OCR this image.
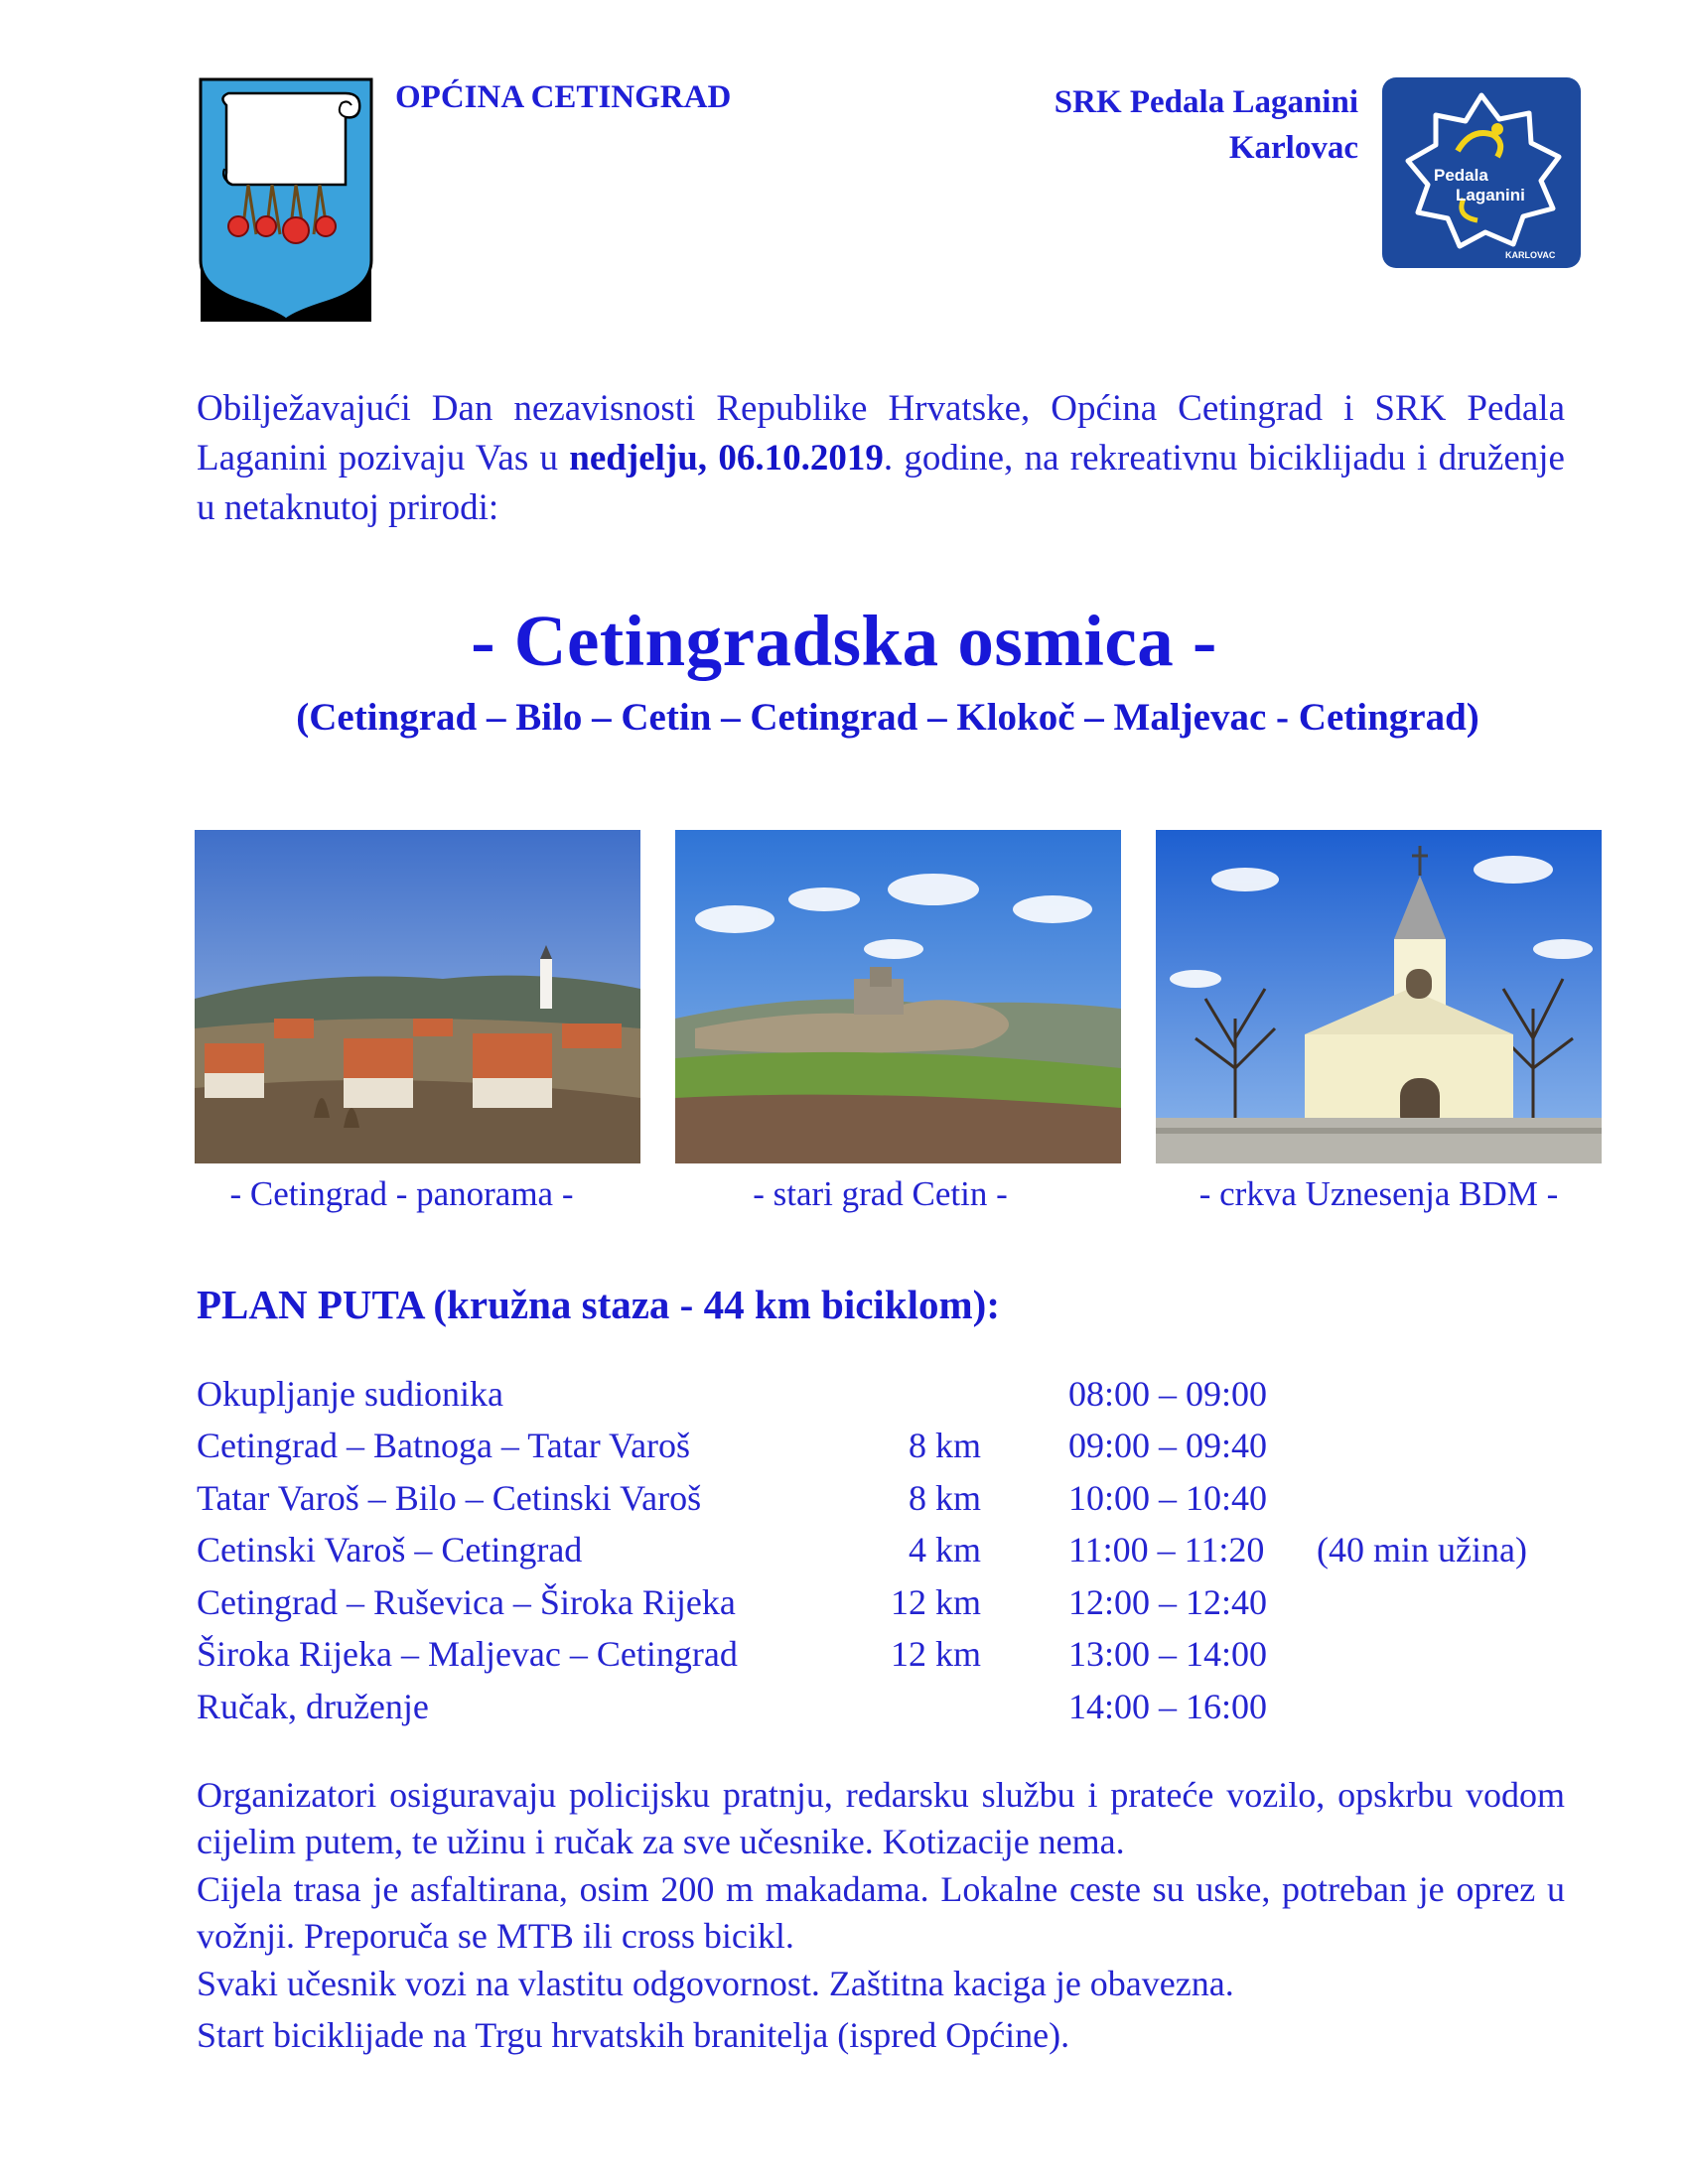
OPĆINA CETINGRAD	SRK Pedala Laganini
Karlovac
Pedala
Laganini
KARLOVAC
Obilježavajući Dan nezavisnosti Republike Hrvatske, Općina Cetingrad i SRK Pedala Laganini pozivaju Vas u nedjelju, 06.10.2019. godine, na rekreativnu biciklijadu i druženje u netaknutoj prirodi:
- Cetingradska osmica -
(Cetingrad – Bilo – Cetin – Cetingrad – Klokoč – Maljevac - Cetingrad)
- Cetingrad - panorama -	- stari grad Cetin -	- crkva Uznesenja BDM -
PLAN PUTA (kružna staza - 44 km biciklom):
Okupljanje sudionika	08:00 – 09:00
Cetingrad – Batnoga – Tatar Varoš	8 km 09:00 – 09:40
Tatar Varoš – Bilo – Cetinski Varoš	8 km 10:00 – 10:40
Cetinski Varoš – Cetingrad	4 km 11:00 – 11:20 (40 min užina)
Cetingrad – Ruševica – Široka Rijeka	12 km 12:00 – 12:40
Široka Rijeka – Maljevac – Cetingrad	12 km 13:00 – 14:00
Ručak, druženje	14:00 – 16:00
Organizatori osiguravaju policijsku pratnju, redarsku službu i prateće vozilo, opskrbu vodom cijelim putem, te užinu i ručak za sve učesnike. Kotizacije nema.
Cijela trasa je asfaltirana, osim 200 m makadama. Lokalne ceste su uske, potreban je oprez u vožnji. Preporuča se MTB ili cross bicikl.
Svaki učesnik vozi na vlastitu odgovornost. Zaštitna kaciga je obavezna.
Start biciklijade na Trgu hrvatskih branitelja (ispred Općine).
